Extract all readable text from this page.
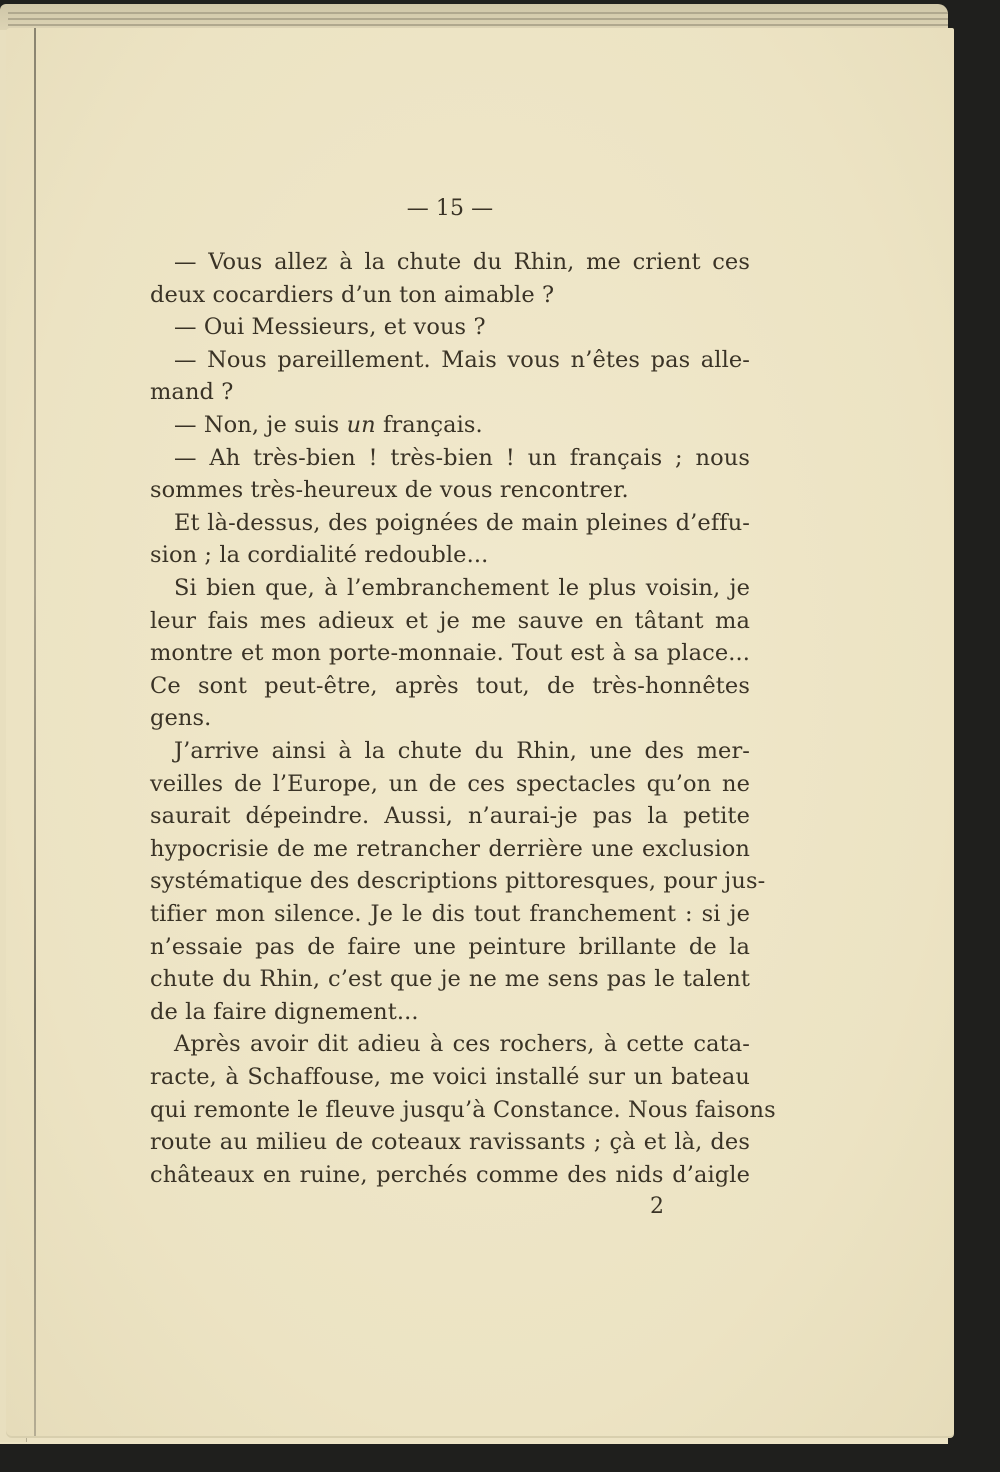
— 15 —
— Vous allez à la chute du Rhin, me crient ces
deux cocardiers d’un ton aimable ?
— Oui Messieurs, et vous ?
— Nous pareillement. Mais vous n’êtes pas alle-
mand ?
— Non, je suis un français.
— Ah très-bien ! très-bien ! un français ; nous
sommes très-heureux de vous rencontrer.
Et là-dessus, des poignées de main pleines d’effu-
sion ; la cordialité redouble...
Si bien que, à l’embranchement le plus voisin, je
leur fais mes adieux et je me sauve en tâtant ma
montre et mon porte-monnaie. Tout est à sa place...
Ce sont peut-être, après tout, de très-honnêtes
gens.
J’arrive ainsi à la chute du Rhin, une des mer-
veilles de l’Europe, un de ces spectacles qu’on ne
saurait dépeindre. Aussi, n’aurai-je pas la petite
hypocrisie de me retrancher derrière une exclusion
systématique des descriptions pittoresques, pour jus-
tifier mon silence. Je le dis tout franchement : si je
n’essaie pas de faire une peinture brillante de la
chute du Rhin, c’est que je ne me sens pas le talent
de la faire dignement...
Après avoir dit adieu à ces rochers, à cette cata-
racte, à Schaffouse, me voici installé sur un bateau
qui remonte le fleuve jusqu’à Constance. Nous faisons
route au milieu de coteaux ravissants ; çà et là, des
châteaux en ruine, perchés comme des nids d’aigle
2
